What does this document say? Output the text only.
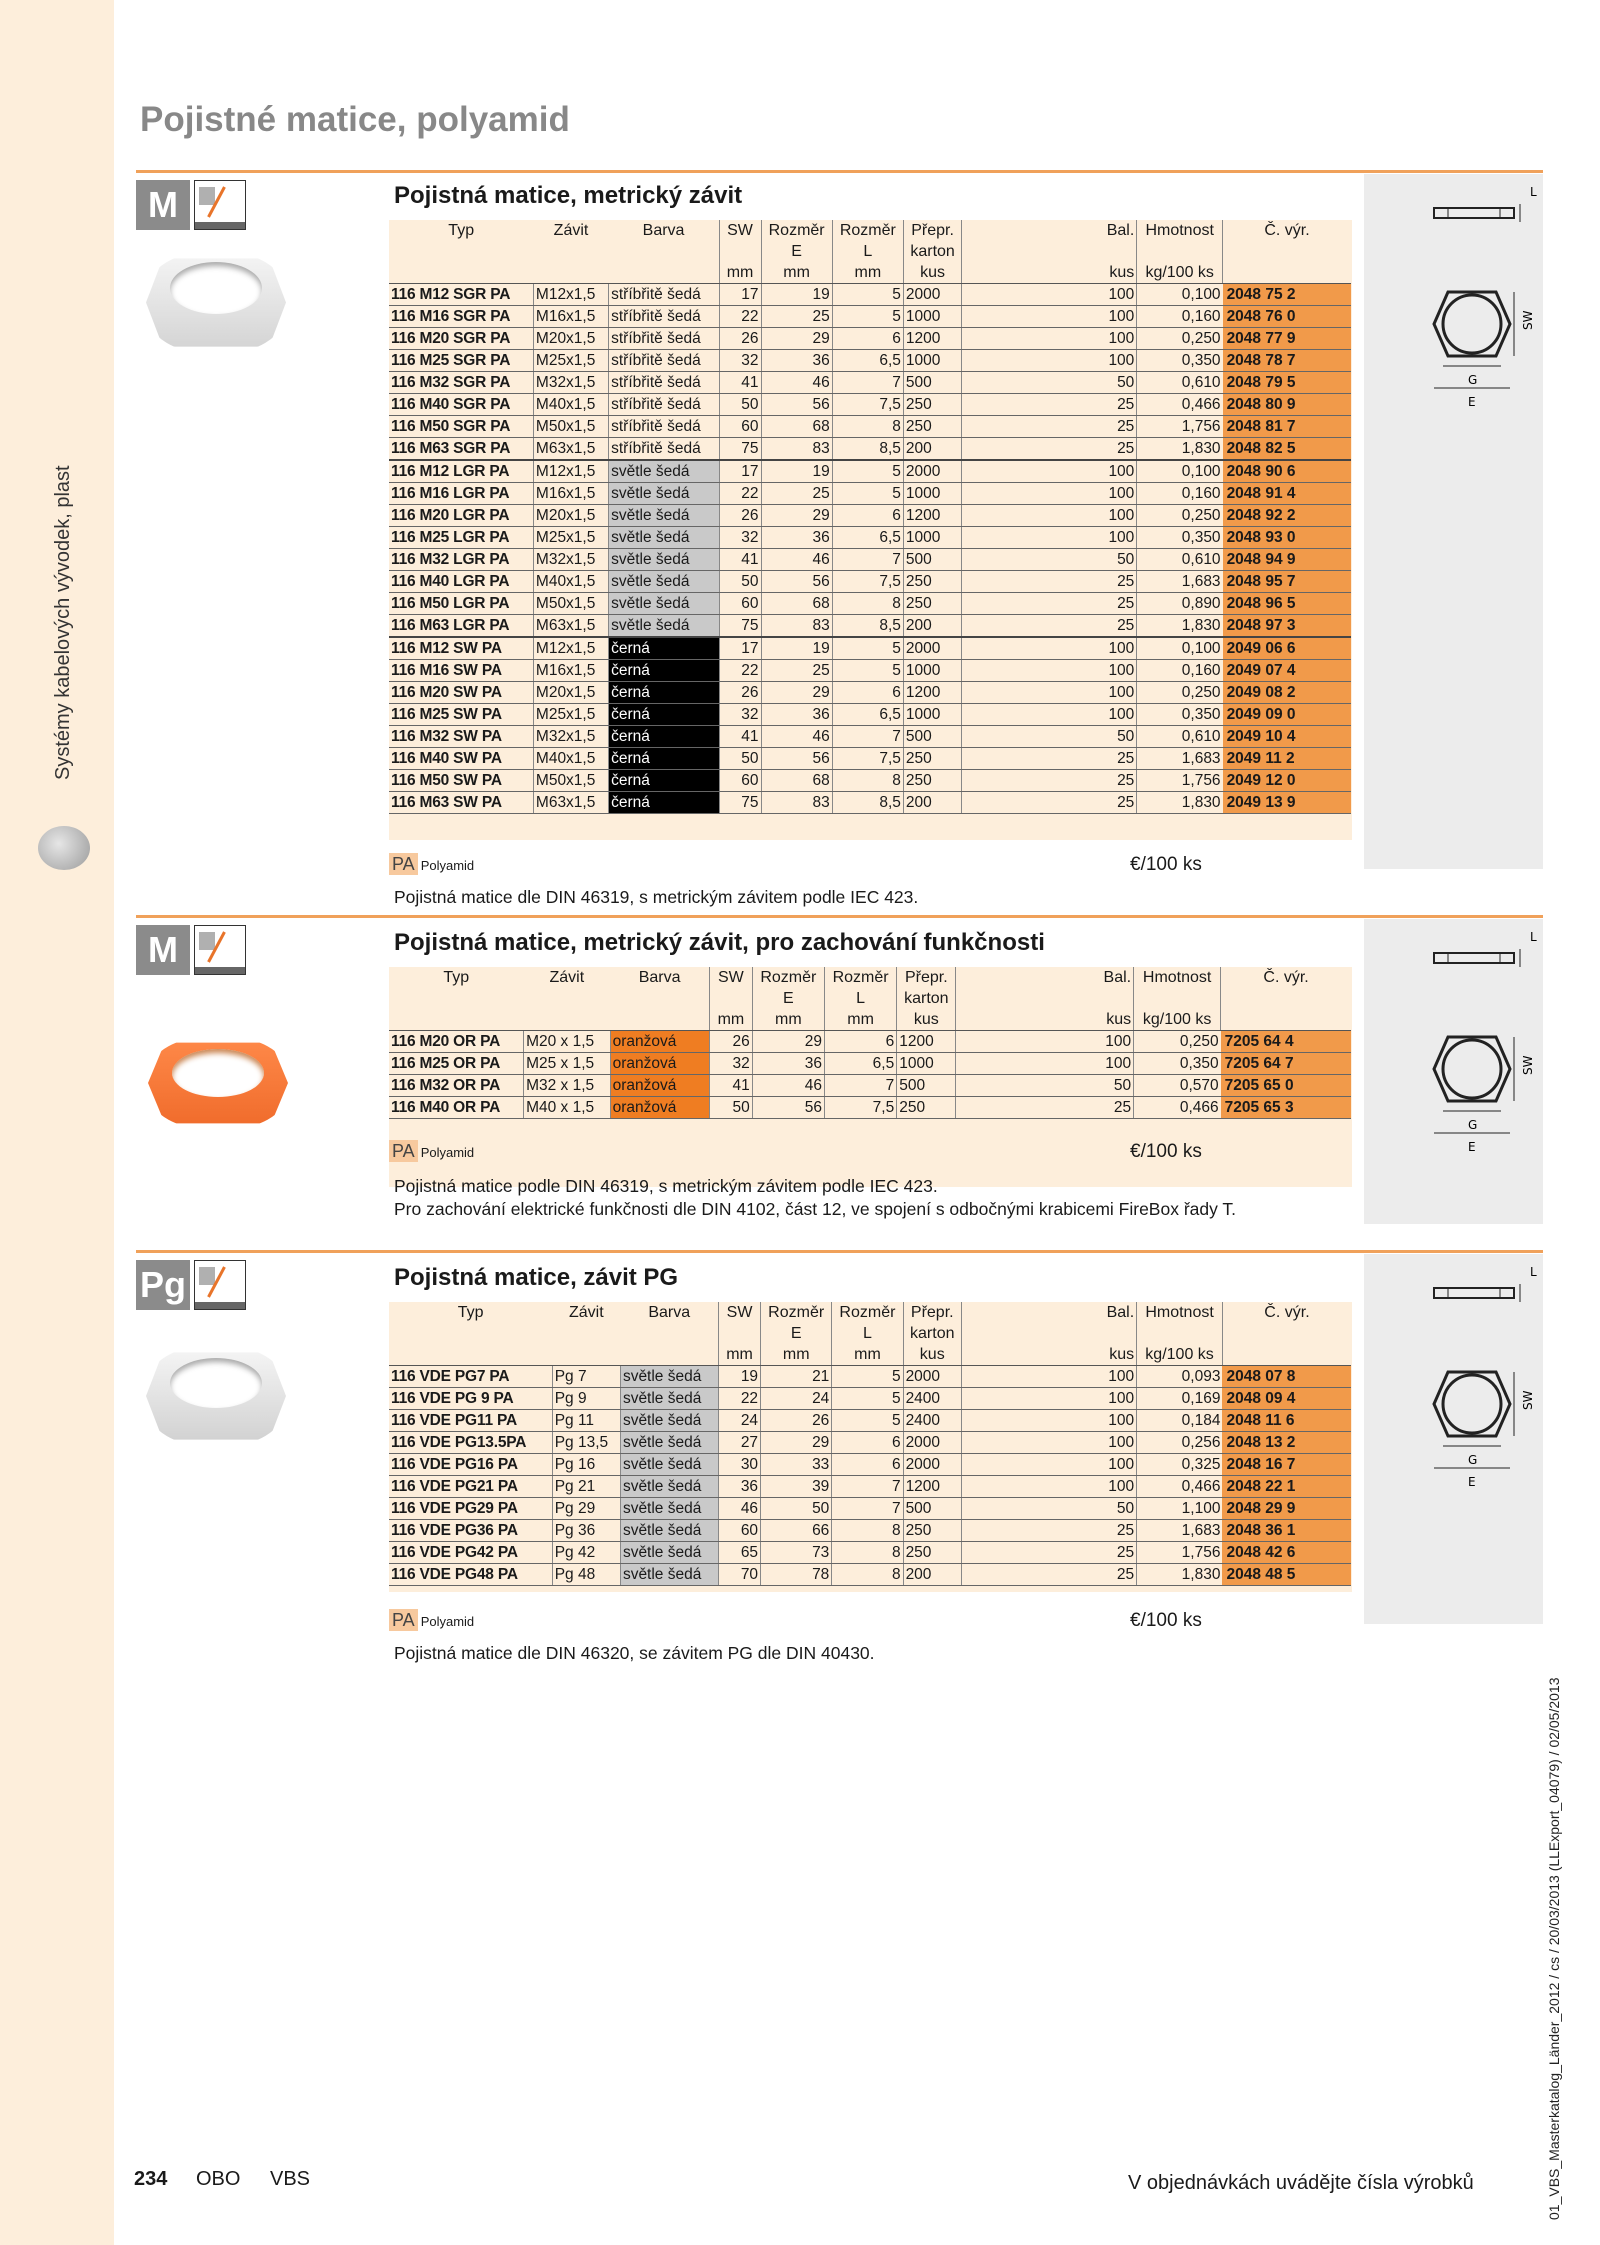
Systémy kabelových vývodek, plast
01_VBS_Masterkatalog_Länder_2012 / cs / 20/03/2013 (LLExport_04079) / 02/05/2013
Pojistné matice, polyamid
M	L
SW
G
E
Pojistná matice, metrický závit
Typ	Závit	Barva	SW	Rozměr	Rozměr	Přepr.	Bal.	Hmotnost	Č. výr.
				E	L	karton			
			mm	mm	mm	kus	kus	kg/100 ks	
116 M12 SGR PA	M12x1,5	stříbřitě šedá	17	19	5	2000	100	0,100	2048 75 2
116 M16 SGR PA	M16x1,5	stříbřitě šedá	22	25	5	1000	100	0,160	2048 76 0
116 M20 SGR PA	M20x1,5	stříbřitě šedá	26	29	6	1200	100	0,250	2048 77 9
116 M25 SGR PA	M25x1,5	stříbřitě šedá	32	36	6,5	1000	100	0,350	2048 78 7
116 M32 SGR PA	M32x1,5	stříbřitě šedá	41	46	7	500	50	0,610	2048 79 5
116 M40 SGR PA	M40x1,5	stříbřitě šedá	50	56	7,5	250	25	0,466	2048 80 9
116 M50 SGR PA	M50x1,5	stříbřitě šedá	60	68	8	250	25	1,756	2048 81 7
116 M63 SGR PA	M63x1,5	stříbřitě šedá	75	83	8,5	200	25	1,830	2048 82 5
116 M12 LGR PA	M12x1,5	světle šedá	17	19	5	2000	100	0,100	2048 90 6
116 M16 LGR PA	M16x1,5	světle šedá	22	25	5	1000	100	0,160	2048 91 4
116 M20 LGR PA	M20x1,5	světle šedá	26	29	6	1200	100	0,250	2048 92 2
116 M25 LGR PA	M25x1,5	světle šedá	32	36	6,5	1000	100	0,350	2048 93 0
116 M32 LGR PA	M32x1,5	světle šedá	41	46	7	500	50	0,610	2048 94 9
116 M40 LGR PA	M40x1,5	světle šedá	50	56	7,5	250	25	1,683	2048 95 7
116 M50 LGR PA	M50x1,5	světle šedá	60	68	8	250	25	0,890	2048 96 5
116 M63 LGR PA	M63x1,5	světle šedá	75	83	8,5	200	25	1,830	2048 97 3
116 M12 SW PA	M12x1,5	černá	17	19	5	2000	100	0,100	2049 06 6
116 M16 SW PA	M16x1,5	černá	22	25	5	1000	100	0,160	2049 07 4
116 M20 SW PA	M20x1,5	černá	26	29	6	1200	100	0,250	2049 08 2
116 M25 SW PA	M25x1,5	černá	32	36	6,5	1000	100	0,350	2049 09 0
116 M32 SW PA	M32x1,5	černá	41	46	7	500	50	0,610	2049 10 4
116 M40 SW PA	M40x1,5	černá	50	56	7,5	250	25	1,683	2049 11 2
116 M50 SW PA	M50x1,5	černá	60	68	8	250	25	1,756	2049 12 0
116 M63 SW PA	M63x1,5	černá	75	83	8,5	200	25	1,830	2049 13 9
PA Polyamid	€/100 ks
Pojistná matice dle DIN 46319, s metrickým závitem podle IEC 423.
M	L
SW
G
E
Pojistná matice, metrický závit, pro zachování funkčnosti
Typ	Závit	Barva	SW	Rozměr	Rozměr	Přepr.	Bal.	Hmotnost	Č. výr.
				E	L	karton			
			mm	mm	mm	kus	kus	kg/100 ks	
116 M20 OR PA	M20 x 1,5	oranžová	26	29	6	1200	100	0,250	7205 64 4
116 M25 OR PA	M25 x 1,5	oranžová	32	36	6,5	1000	100	0,350	7205 64 7
116 M32 OR PA	M32 x 1,5	oranžová	41	46	7	500	50	0,570	7205 65 0
116 M40 OR PA	M40 x 1,5	oranžová	50	56	7,5	250	25	0,466	7205 65 3
PA Polyamid	€/100 ks
Pojistná matice podle DIN 46319, s metrickým závitem podle IEC 423.
Pro zachování elektrické funkčnosti dle DIN 4102, část 12, ve spojení s odbočnými krabicemi FireBox řady T.
Pg	L
SW
G
E
Pojistná matice, závit PG
Typ	Závit	Barva	SW	Rozměr	Rozměr	Přepr.	Bal.	Hmotnost	Č. výr.
				E	L	karton			
			mm	mm	mm	kus	kus	kg/100 ks	
116 VDE PG7 PA	Pg 7	světle šedá	19	21	5	2000	100	0,093	2048 07 8
116 VDE PG 9 PA	Pg 9	světle šedá	22	24	5	2400	100	0,169	2048 09 4
116 VDE PG11 PA	Pg 11	světle šedá	24	26	5	2400	100	0,184	2048 11 6
116 VDE PG13.5PA	Pg 13,5	světle šedá	27	29	6	2000	100	0,256	2048 13 2
116 VDE PG16 PA	Pg 16	světle šedá	30	33	6	2000	100	0,325	2048 16 7
116 VDE PG21 PA	Pg 21	světle šedá	36	39	7	1200	100	0,466	2048 22 1
116 VDE PG29 PA	Pg 29	světle šedá	46	50	7	500	50	1,100	2048 29 9
116 VDE PG36 PA	Pg 36	světle šedá	60	66	8	250	25	1,683	2048 36 1
116 VDE PG42 PA	Pg 42	světle šedá	65	73	8	250	25	1,756	2048 42 6
116 VDE PG48 PA	Pg 48	světle šedá	70	78	8	200	25	1,830	2048 48 5
PA Polyamid	€/100 ks
Pojistná matice dle DIN 46320, se závitem PG dle DIN 40430.
234 OBO VBS	V objednávkách uvádějte čísla výrobků
